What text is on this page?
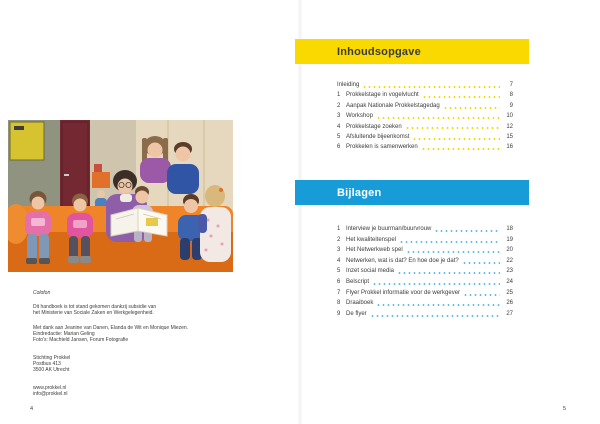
Colofon
Dit handboek is tot stand gekomen dankzij subsidie van
het Ministerie van Sociale Zaken en Werkgelegenheid.
Met dank aan Jeanine van Danen, Elanda de Wit en Monique Miezen.
Eindredactie: Marian Geling
Foto's: Machteld Jansen, Forum Fotografie
Stichting Prokkel
Postbus 413
3500 AK Utrecht
www.prokkel.nl
info@prokkel.nl
4
Inhoudsopgave
Inleiding	7
1 Prokkelstage in vogelvlucht	8
2 Aanpak Nationale Prokkelstagedag	9
3 Workshop	10
4 Prokkelstage zoeken	12
5 Afsluitende bijeenkomst	15
6 Prokkelen is samenwerken	16
Bijlagen
1 Interview je buurman/buurvrouw	18
2 Het kwaliteitenspel	19
3 Het Netwerkweb spel	20
4 Netwerken, wat is dat? En hoe doe je dat?	22
5 Inzet social media	23
6 Belscript	24
7 Flyer Prokkel informatie voor de werkgever	25
8 Draaiboek	26
9 De flyer	27
5
